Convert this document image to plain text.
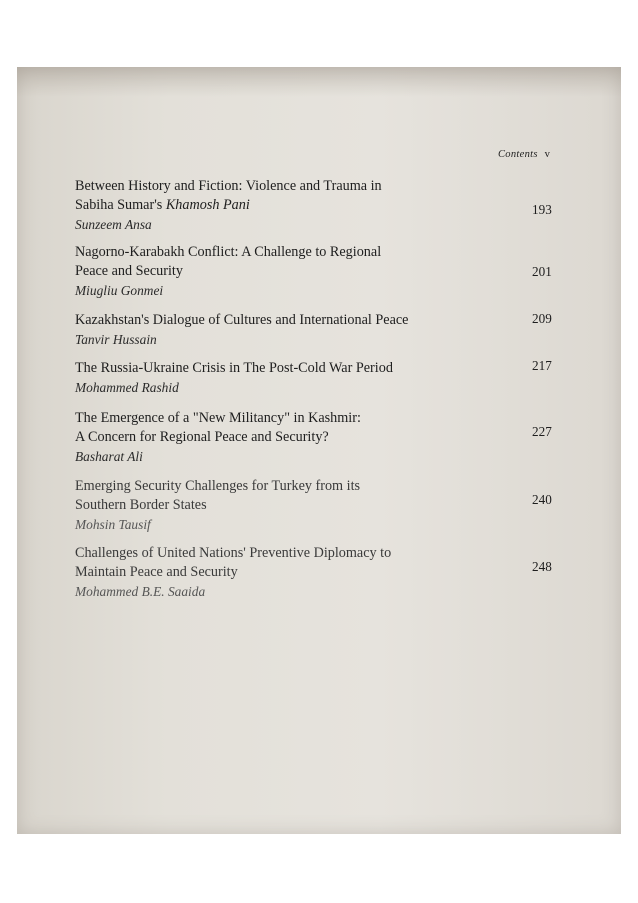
Contents v
Between History and Fiction: Violence and Trauma in
Sabiha Sumar's Khamosh Pani
Sunzeem Ansa
193
Nagorno-Karabakh Conflict: A Challenge to Regional
Peace and Security
Miugliu Gonmei
201
Kazakhstan's Dialogue of Cultures and International Peace
Tanvir Hussain
209
The Russia-Ukraine Crisis in The Post-Cold War Period
Mohammed Rashid
217
The Emergence of a "New Militancy" in Kashmir:
A Concern for Regional Peace and Security?
Basharat Ali
227
Emerging Security Challenges for Turkey from its
Southern Border States
Mohsin Tausif
240
Challenges of United Nations' Preventive Diplomacy to
Maintain Peace and Security
Mohammed B.E. Saaida
248
